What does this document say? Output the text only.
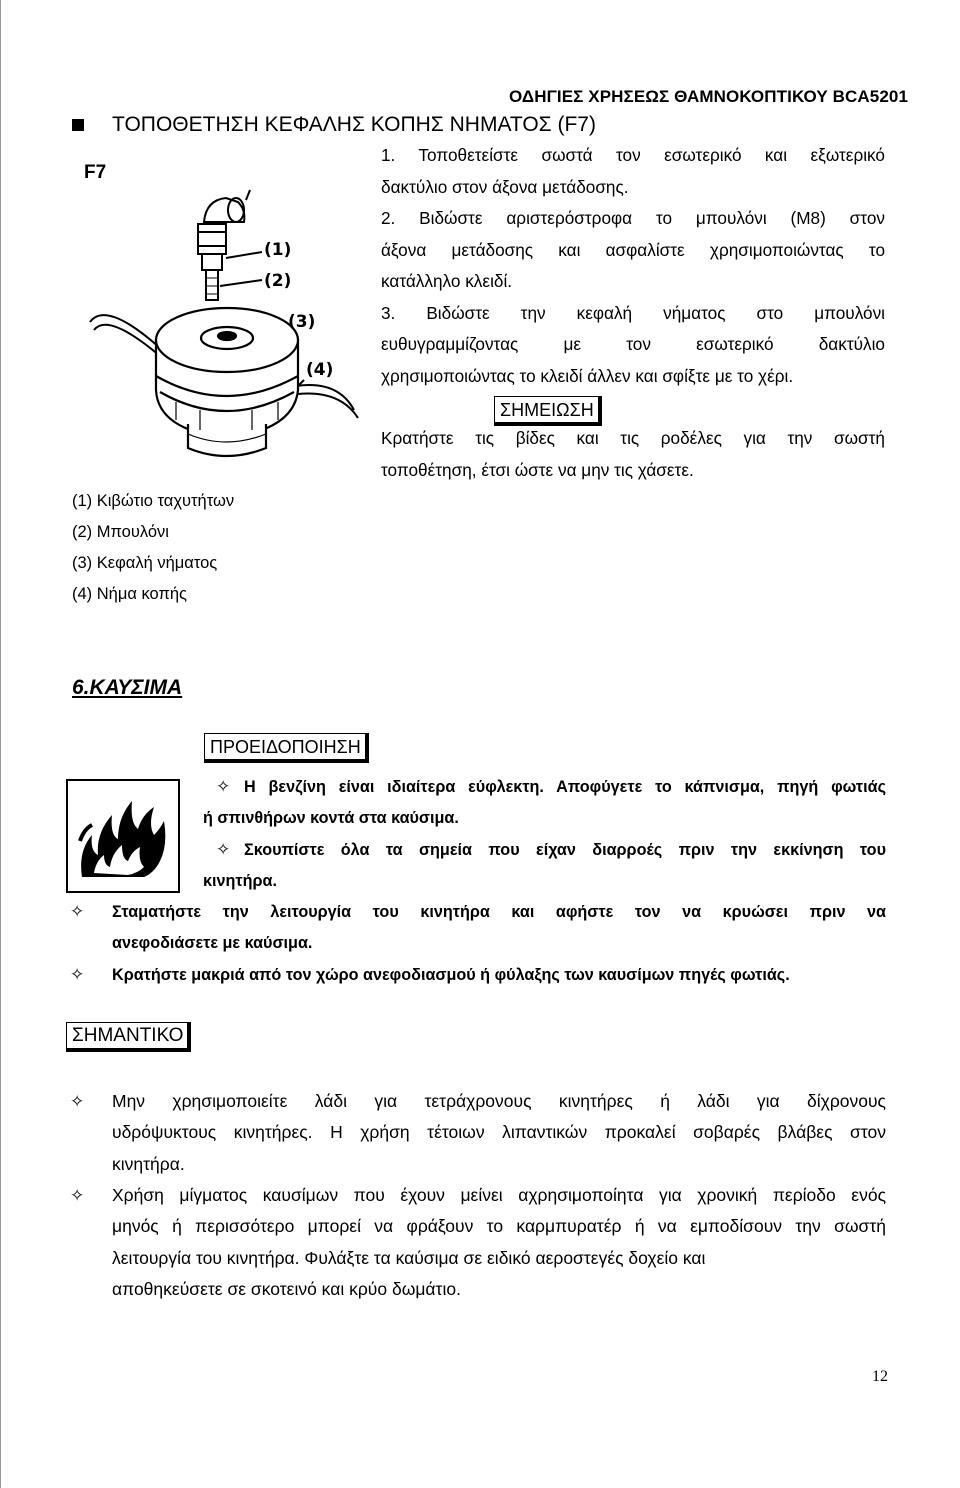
ΟΔΗΓΙΕΣ ΧΡΗΣΕΩΣ ΘΑΜΝΟΚΟΠΤΙΚΟΥ BCA5201
ΤΟΠΟΘΕΤΗΣΗ ΚΕΦΑΛΗΣ ΚΟΠΗΣ ΝΗΜΑΤΟΣ (F7)
F7
(1)
(2)
(3)
(4)
1. Τοποθετείστε σωστά τον εσωτερικό και εξωτερικό
δακτύλιο στον άξονα μετάδοσης.
2. Βιδώστε αριστερόστροφα το μπουλόνι (Μ8) στον
άξονα μετάδοσης και ασφαλίστε χρησιμοποιώντας το
κατάλληλο κλειδί.
3. Βιδώστε την κεφαλή νήματος στο μπουλόνι
ευθυγραμμίζοντας με τον εσωτερικό δακτύλιο
χρησιμοποιώντας το κλειδί άλλεν και σφίξτε με το χέρι.
ΣΗΜΕΙΩΣΗ
Κρατήστε τις βίδες και τις ροδέλες για την σωστή
τοποθέτηση, έτσι ώστε να μην τις χάσετε.
(1) Κιβώτιο ταχυτήτων
(2) Μπουλόνι
(3) Κεφαλή νήματος
(4) Νήμα κοπής
6.ΚΑΥΣΙΜΑ
ΠΡΟΕΙΔΟΠΟΙΗΣΗ
✧ Η βενζίνη είναι ιδιαίτερα εύφλεκτη. Αποφύγετε το κάπνισμα, πηγή φωτιάς
ή σπινθήρων κοντά στα καύσιμα.
✧ Σκουπίστε όλα τα σημεία που είχαν διαρροές πριν την εκκίνηση του
κινητήρα.
✧ Σταματήστε την λειτουργία του κινητήρα και αφήστε τον να κρυώσει πριν να
ανεφοδιάσετε με καύσιμα.
✧ Κρατήστε μακριά από τον χώρο ανεφοδιασμού ή φύλαξης των καυσίμων πηγές φωτιάς.
ΣΗΜΑΝΤΙΚΟ
✧ Μην χρησιμοποιείτε λάδι για τετράχρονους κινητήρες ή λάδι για δίχρονους
υδρόψυκτους κινητήρες. Η χρήση τέτοιων λιπαντικών προκαλεί σοβαρές βλάβες στον
κινητήρα.
✧ Χρήση μίγματος καυσίμων που έχουν μείνει αχρησιμοποίητα για χρονική περίοδο ενός
μηνός ή περισσότερο μπορεί να φράξουν το καρμπυρατέρ ή να εμποδίσουν την σωστή
λειτουργία του κινητήρα. Φυλάξτε τα καύσιμα σε ειδικό αεροστεγές δοχείο και
αποθηκεύσετε σε σκοτεινό και κρύο δωμάτιο.
12
